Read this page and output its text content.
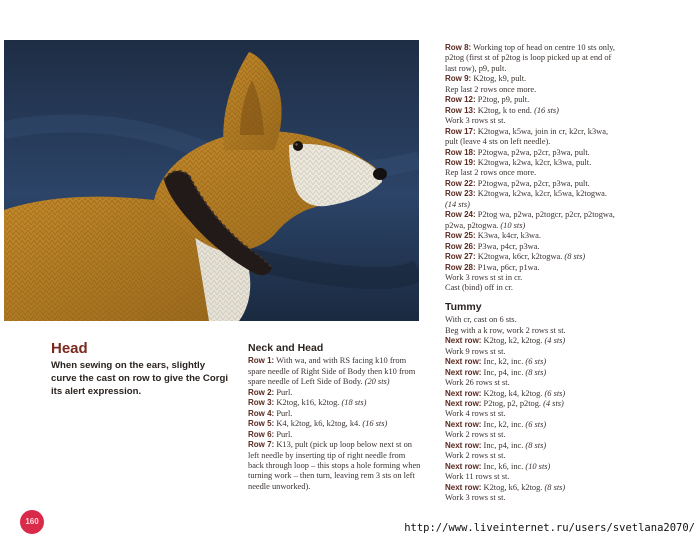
Head

When sewing on the ears, slightly curve the cast on row to give the Corgi its alert expression.

Neck and Head

Row 1: With wa, and with RS facing k10 from spare needle of Right Side of Body then k10 from spare needle of Left Side of Body. (20 sts)

Row 2: Purl.

Row 3: K2tog, k16, k2tog. (18 sts)

Row 4: Purl.

Row 5: K4, k2tog, k6, k2tog, k4. (16 sts)

Row 6: Purl.

Row 7: K13, pult (pick up loop below next st on left needle by inserting tip of right needle from back through loop – this stops a hole forming when turning work – then turn, leaving rem 3 sts on left needle unworked).

Row 8: Working top of head on centre 10 sts only, p2tog (first st of p2tog is loop picked up at end of last row), p9, pult.

Row 9: K2tog, k9, pult.

Rep last 2 rows once more.

Row 12: P2tog, p9, pult.

Row 13: K2tog, k to end. (16 sts)

Work 3 rows st st.

Row 17: K2togwa, k5wa, join in cr, k2cr, k3wa, pult (leave 4 sts on left needle).

Row 18: P2togwa, p2wa, p2cr, p3wa, pult.

Row 19: K2togwa, k2wa, k2cr, k3wa, pult.

Rep last 2 rows once more.

Row 22: P2togwa, p2wa, p2cr, p3wa, pult.

Row 23: K2togwa, k2wa, k2cr, k5wa, k2togwa. (14 sts)

Row 24: P2tog wa, p2wa, p2togcr, p2cr, p2togwa, p2wa, p2togwa. (10 sts)

Row 25: K3wa, k4cr, k3wa.

Row 26: P3wa, p4cr, p3wa.

Row 27: K2togwa, k6cr, k2togwa. (8 sts)

Row 28: P1wa, p6cr, p1wa.

Work 3 rows st st in cr.

Cast (bind) off in cr.

Tummy

With cr, cast on 6 sts.

Beg with a k row, work 2 rows st st.

Next row: K2tog, k2, k2tog. (4 sts)

Work 9 rows st st.

Next row: Inc, k2, inc. (6 sts)

Next row: Inc, p4, inc. (8 sts)

Work 26 rows st st.

Next row: K2tog, k4, k2tog. (6 sts)

Next row: P2tog, p2, p2tog. (4 sts)

Work 4 rows st st.

Next row: Inc, k2, inc. (6 sts)

Work 2 rows st st.

Next row: Inc, p4, inc. (8 sts)

Work 2 rows st st.

Next row: Inc, k6, inc. (10 sts)

Work 11 rows st st.

Next row: K2tog, k6, k2tog. (8 sts)

Work 3 rows st st.

160
http://www.liveinternet.ru/users/svetlana2070/
